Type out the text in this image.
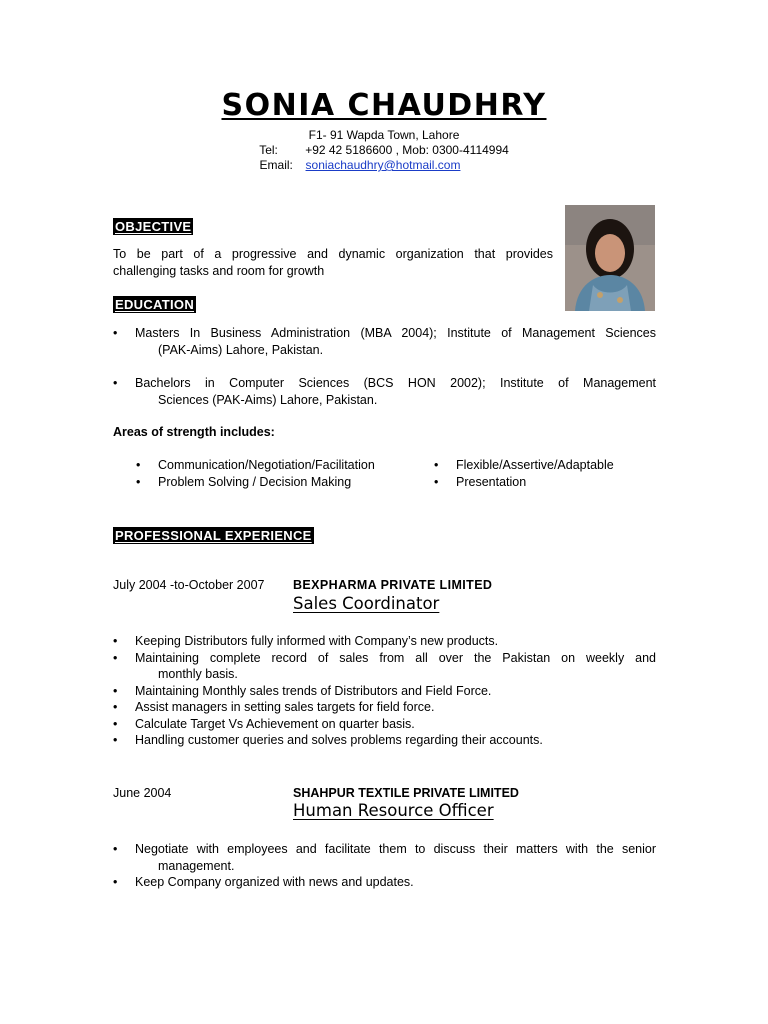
SONIA CHAUDHRY
F1- 91 Wapda Town, Lahore
Tel: +92 42 5186600 , Mob: 0300-4114994
Email: soniachaudhry@hotmail.com
OBJECTIVE
To be part of a progressive and dynamic organization that provides
challenging tasks and room for growth
EDUCATION
• Masters In Business Administration (MBA 2004); Institute of Management Sciences
(PAK-Aims) Lahore, Pakistan.
• Bachelors in Computer Sciences (BCS HON 2002); Institute of Management
Sciences (PAK-Aims) Lahore, Pakistan.
Areas of strength includes:
• Communication/Negotiation/Facilitation
• Problem Solving / Decision Making
• Flexible/Assertive/Adaptable
• Presentation
PROFESSIONAL EXPERIENCE
July 2004 -to-October 2007 BEXPHARMA PRIVATE LIMITED
Sales Coordinator
• Keeping Distributors fully informed with Company’s new products.
• Maintaining complete record of sales from all over the Pakistan on weekly and
monthly basis.
• Maintaining Monthly sales trends of Distributors and Field Force.
• Assist managers in setting sales targets for field force.
• Calculate Target Vs Achievement on quarter basis.
• Handling customer queries and solves problems regarding their accounts.
June 2004	SHAHPUR TEXTILE PRIVATE LIMITED
Human Resource Officer
• Negotiate with employees and facilitate them to discuss their matters with the senior
management.
• Keep Company organized with news and updates.
